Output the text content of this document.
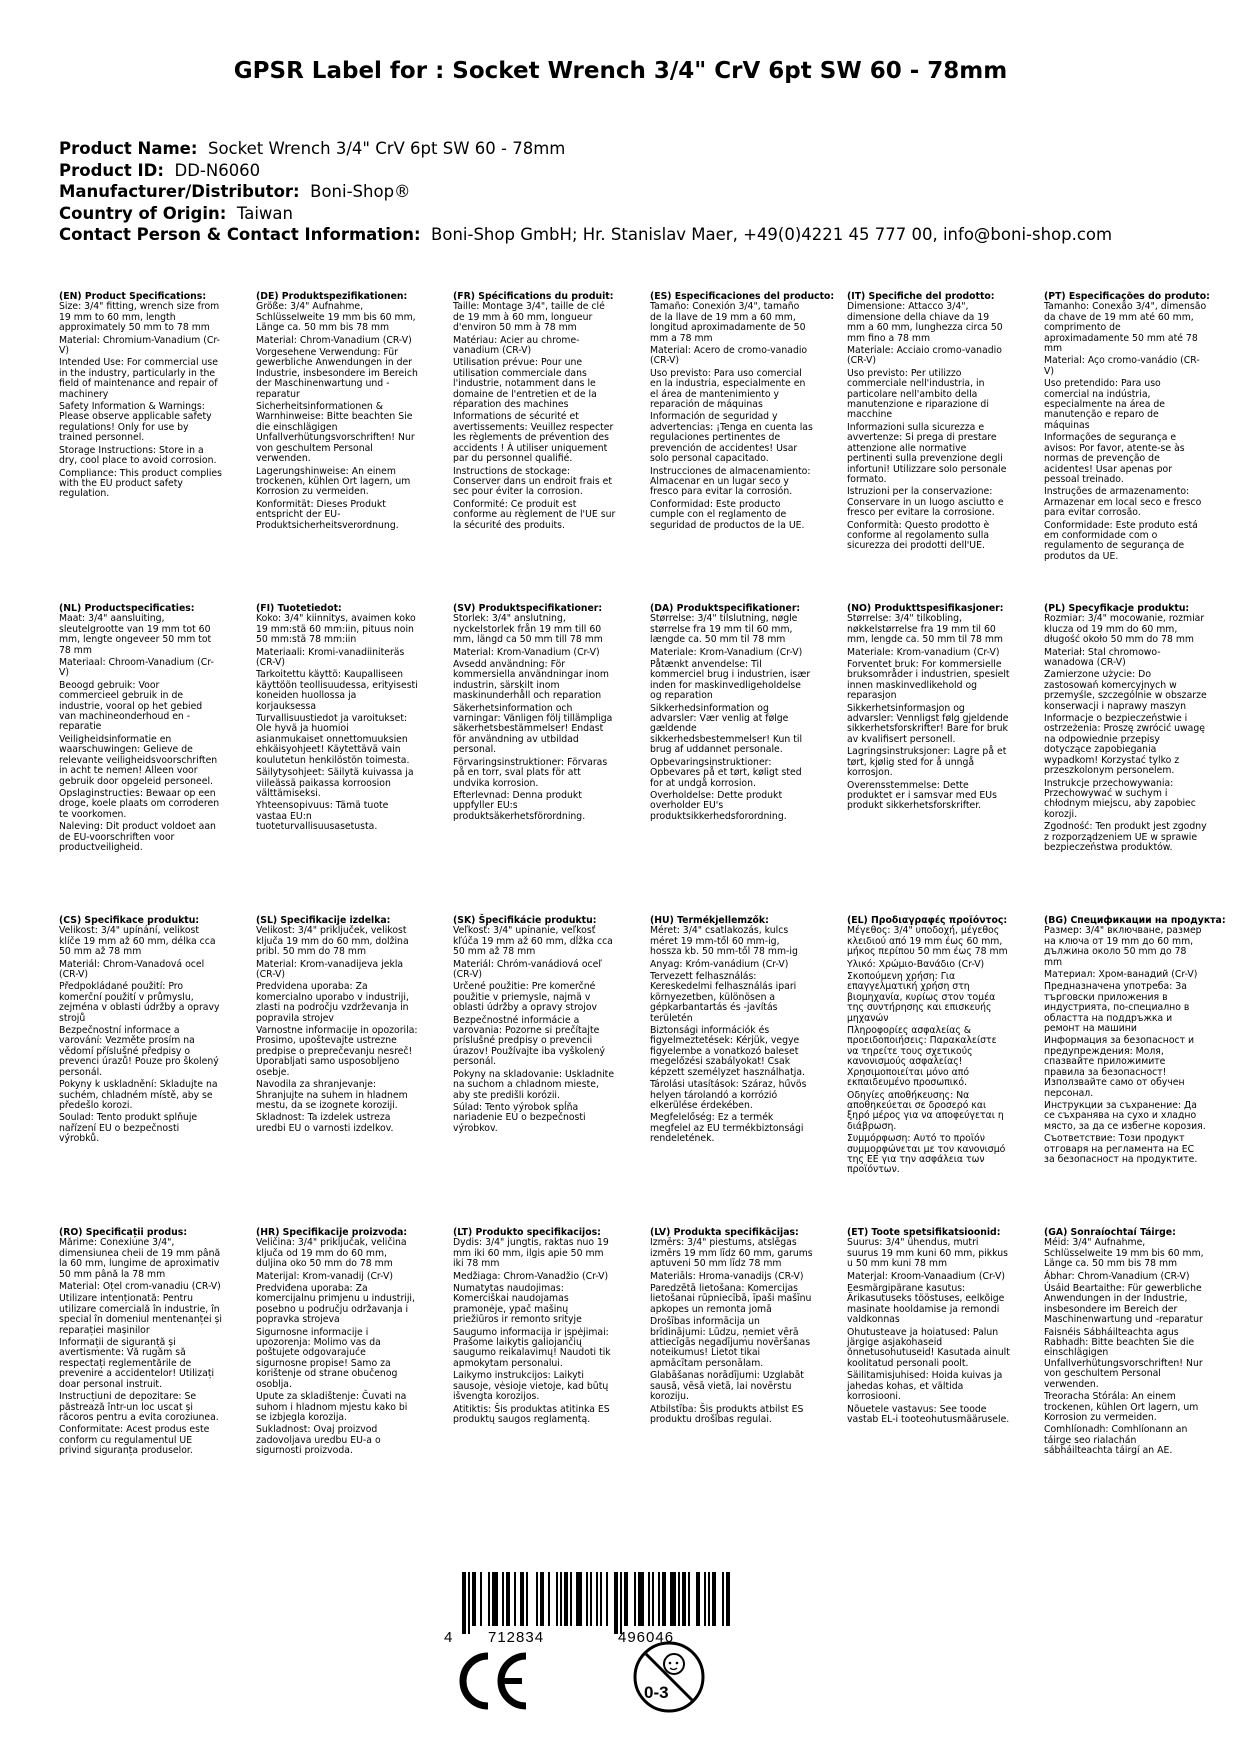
GPSR Label for : Socket Wrench 3/4" CrV 6pt SW 60 - 78mm
Product Name: Socket Wrench 3/4" CrV 6pt SW 60 - 78mm
Product ID: DD-N6060
Manufacturer/Distributor: Boni-Shop®
Country of Origin: Taiwan
Contact Person & Contact Information: Boni-Shop GmbH; Hr. Stanislav Maer, +49(0)4221 45 777 00, info@boni-shop.com
(EN) Product Specifications:
Size: 3/4" fitting, wrench size from 19 mm to 60 mm, length approximately 50 mm to 78 mm
Material: Chromium-Vanadium (Cr-V)
Intended Use: For commercial use in the industry, particularly in the field of maintenance and repair of machinery
Safety Information & Warnings: Please observe applicable safety regulations! Only for use by trained personnel.
Storage Instructions: Store in a dry, cool place to avoid corrosion.
Compliance: This product complies with the EU product safety regulation.
(DE) Produktspezifikationen:
Größe: 3/4" Aufnahme, Schlüsselweite 19 mm bis 60 mm, Länge ca. 50 mm bis 78 mm
Material: Chrom-Vanadium (CR-V)
Vorgesehene Verwendung: Für gewerbliche Anwendungen in der Industrie, insbesondere im Bereich der Maschinenwartung und -reparatur
Sicherheitsinformationen & Warnhinweise: Bitte beachten Sie die einschlägigen Unfallverhütungsvorschriften! Nur von geschultem Personal verwenden.
Lagerungshinweise: An einem trockenen, kühlen Ort lagern, um Korrosion zu vermeiden.
Konformität: Dieses Produkt entspricht der EU-Produktsicherheitsverordnung.
(FR) Spécifications du produit:
Taille: Montage 3/4", taille de clé de 19 mm à 60 mm, longueur d'environ 50 mm à 78 mm
Matériau: Acier au chrome-vanadium (CR-V)
Utilisation prévue: Pour une utilisation commerciale dans l'industrie, notamment dans le domaine de l'entretien et de la réparation des machines
Informations de sécurité et avertissements: Veuillez respecter les règlements de prévention des accidents ! À utiliser uniquement par du personnel qualifié.
Instructions de stockage: Conserver dans un endroit frais et sec pour éviter la corrosion.
Conformité: Ce produit est conforme au règlement de l'UE sur la sécurité des produits.
(ES) Especificaciones del producto:
Tamaño: Conexión 3/4", tamaño de la llave de 19 mm a 60 mm, longitud aproximadamente de 50 mm a 78 mm
Material: Acero de cromo-vanadio (CR-V)
Uso previsto: Para uso comercial en la industria, especialmente en el área de mantenimiento y reparación de máquinas
Información de seguridad y advertencias: ¡Tenga en cuenta las regulaciones pertinentes de prevención de accidentes! Usar solo personal capacitado.
Instrucciones de almacenamiento: Almacenar en un lugar seco y fresco para evitar la corrosión.
Conformidad: Este producto cumple con el reglamento de seguridad de productos de la UE.
(IT) Specifiche del prodotto:
Dimensione: Attacco 3/4", dimensione della chiave da 19 mm a 60 mm, lunghezza circa 50 mm fino a 78 mm
Materiale: Acciaio cromo-vanadio (CR-V)
Uso previsto: Per utilizzo commerciale nell'industria, in particolare nell'ambito della manutenzione e riparazione di macchine
Informazioni sulla sicurezza e avvertenze: Si prega di prestare attenzione alle normative pertinenti sulla prevenzione degli infortuni! Utilizzare solo personale formato.
Istruzioni per la conservazione: Conservare in un luogo asciutto e fresco per evitare la corrosione.
Conformità: Questo prodotto è conforme al regolamento sulla sicurezza dei prodotti dell'UE.
(PT) Especificações do produto:
Tamanho: Conexão 3/4", dimensão da chave de 19 mm até 60 mm, comprimento de aproximadamente 50 mm até 78 mm
Material: Aço cromo-vanádio (CR-V)
Uso pretendido: Para uso comercial na indústria, especialmente na área de manutenção e reparo de máquinas
Informações de segurança e avisos: Por favor, atente-se às normas de prevenção de acidentes! Usar apenas por pessoal treinado.
Instruções de armazenamento: Armazenar em local seco e fresco para evitar corrosão.
Conformidade: Este produto está em conformidade com o regulamento de segurança de produtos da UE.
(NL) Productspecificaties:
Maat: 3/4" aansluiting, sleutelgrootte van 19 mm tot 60 mm, lengte ongeveer 50 mm tot 78 mm
Materiaal: Chroom-Vanadium (Cr-V)
Beoogd gebruik: Voor commercieel gebruik in de industrie, vooral op het gebied van machineonderhoud en -reparatie
Veiligheidsinformatie en waarschuwingen: Gelieve de relevante veiligheidsvoorschriften in acht te nemen! Alleen voor gebruik door opgeleid personeel.
Opslaginstructies: Bewaar op een droge, koele plaats om corroderen te voorkomen.
Naleving: Dit product voldoet aan de EU-voorschriften voor productveiligheid.
(FI) Tuotetiedot:
Koko: 3/4" kiinnitys, avaimen koko 19 mm:stä 60 mm:iin, pituus noin 50 mm:stä 78 mm:iin
Materiaali: Kromi-vanadiiniteräs (CR-V)
Tarkoitettu käyttö: Kaupalliseen käyttöön teollisuudessa, erityisesti koneiden huollossa ja korjauksessa
Turvallisuustiedot ja varoitukset: Ole hyvä ja huomioi asianmukaiset onnettomuuksien ehkäisyohjeet! Käytettävä vain koulutetun henkilöstön toimesta.
Säilytysohjeet: Säilytä kuivassa ja viileässä paikassa korroosion välttämiseksi.
Yhteensopivuus: Tämä tuote vastaa EU:n tuoteturvallisuusasetusta.
(SV) Produktspecifikationer:
Storlek: 3/4" anslutning, nyckelstorlek från 19 mm till 60 mm, längd ca 50 mm till 78 mm
Material: Krom-Vanadium (Cr-V)
Avsedd användning: För kommersiella användningar inom industrin, särskilt inom maskinunderhåll och reparation
Säkerhetsinformation och varningar: Vänligen följ tillämpliga säkerhetsbestämmelser! Endast för användning av utbildad personal.
Förvaringsinstruktioner: Förvaras på en torr, sval plats för att undvika korrosion.
Efterlevnad: Denna produkt uppfyller EU:s produktsäkerhetsförordning.
(DA) Produktspecifikationer:
Størrelse: 3/4" tilslutning, nøgle størrelse fra 19 mm til 60 mm, længde ca. 50 mm til 78 mm
Materiale: Krom-Vanadium (Cr-V)
Påtænkt anvendelse: Til kommerciel brug i industrien, især inden for maskinvedligeholdelse og reparation
Sikkerhedsinformation og advarsler: Vær venlig at følge gældende sikkerhedsbestemmelser! Kun til brug af uddannet personale.
Opbevaringsinstruktioner: Opbevares på et tørt, køligt sted for at undgå korrosion.
Overholdelse: Dette produkt overholder EU's produktsikkerhedsforordning.
(NO) Produkttspesifikasjoner:
Størrelse: 3/4" tilkobling, nøkkelstørrelse fra 19 mm til 60 mm, lengde ca. 50 mm til 78 mm
Materiale: Krom-vanadium (Cr-V)
Forventet bruk: For kommersielle bruksområder i industrien, spesielt innen maskinvedlikehold og reparasjon
Sikkerhetsinformasjon og advarsler: Vennligst følg gjeldende sikkerhetsforskrifter! Bare for bruk av kvalifisert personell.
Lagringsinstruksjoner: Lagre på et tørt, kjølig sted for å unngå korrosjon.
Overensstemmelse: Dette produktet er i samsvar med EUs produkt sikkerhetsforskrifter.
(PL) Specyfikacje produktu:
Rozmiar: 3/4" mocowanie, rozmiar klucza od 19 mm do 60 mm, długość około 50 mm do 78 mm
Materiał: Stal chromowo-wanadowa (CR-V)
Zamierzone użycie: Do zastosowań komercyjnych w przemyśle, szczególnie w obszarze konserwacji i naprawy maszyn
Informacje o bezpieczeństwie i ostrzeżenia: Proszę zwrócić uwagę na odpowiednie przepisy dotyczące zapobiegania wypadkom! Korzystać tylko z przeszkolonym personelem.
Instrukcje przechowywania: Przechowywać w suchym i chłodnym miejscu, aby zapobiec korozji.
Zgodność: Ten produkt jest zgodny z rozporządzeniem UE w sprawie bezpieczeństwa produktów.
(CS) Specifikace produktu:
Velikost: 3/4" upínání, velikost klíče 19 mm až 60 mm, délka cca 50 mm až 78 mm
Materiál: Chrom-Vanadová ocel (CR-V)
Předpokládané použití: Pro komerční použití v průmyslu, zejména v oblasti údržby a opravy strojů
Bezpečnostní informace a varování: Vezměte prosím na vědomí příslušné předpisy o prevenci úrazů! Pouze pro školený personál.
Pokyny k uskladnění: Skladujte na suchém, chladném místě, aby se předešlo korozi.
Soulad: Tento produkt splňuje nařízení EU o bezpečnosti výrobků.
(SL) Specifikacije izdelka:
Velikost: 3/4" priključek, velikost ključa 19 mm do 60 mm, dolžina pribl. 50 mm do 78 mm
Material: Krom-vanadijeva jekla (CR-V)
Predvidena uporaba: Za komercialno uporabo v industriji, zlasti na področju vzdrževanja in popravila strojev
Varnostne informacije in opozorila: Prosimo, upoštevajte ustrezne predpise o preprečevanju nesreč! Uporabljati samo usposobljeno osebje.
Navodila za shranjevanje: Shranjujte na suhem in hladnem mestu, da se izognete koroziji.
Skladnost: Ta izdelek ustreza uredbi EU o varnosti izdelkov.
(SK) Špecifikácie produktu:
Veľkosť: 3/4" upínanie, veľkosť kľúča 19 mm až 60 mm, dĺžka cca 50 mm až 78 mm
Materiál: Chróm-vanádiová oceľ (CR-V)
Určené použitie: Pre komerčné použitie v priemysle, najmä v oblasti údržby a opravy strojov
Bezpečnostné informácie a varovania: Pozorne si prečítajte príslušné predpisy o prevencii úrazov! Používajte iba vyškolený personál.
Pokyny na skladovanie: Uskladnite na suchom a chladnom mieste, aby ste predišli korózii.
Súlad: Tento výrobok spĺňa nariadenie EÚ o bezpečnosti výrobkov.
(HU) Termékjellemzők:
Méret: 3/4" csatlakozás, kulcs méret 19 mm-től 60 mm-ig, hossza kb. 50 mm-től 78 mm-ig
Anyag: Króm-vanádium (Cr-V)
Tervezett felhasználás: Kereskedelmi felhasználás ipari környezetben, különösen a gépkarbantartás és -javítás területén
Biztonsági információk és figyelmeztetések: Kérjük, vegye figyelembe a vonatkozó baleset megelőzési szabályokat! Csak képzett személyzet használhatja.
Tárolási utasítások: Száraz, hűvös helyen tárolandó a korrózió elkerülése érdekében.
Megfelelőség: Ez a termék megfelel az EU termékbiztonsági rendeletének.
(EL) Προδιαγραφές προϊόντος:
Μέγεθος: 3/4" υποδοχή, μέγεθος κλειδιού από 19 mm έως 60 mm, μήκος περίπου 50 mm έως 78 mm
Υλικό: Χρώμιο-Βανάδιο (Cr-V)
Σκοπούμενη χρήση: Για επαγγελματική χρήση στη βιομηχανία, κυρίως στον τομέα της συντήρησης και επισκευής μηχανών
Πληροφορίες ασφαλείας & προειδοποιήσεις: Παρακαλείστε να τηρείτε τους σχετικούς κανονισμούς ασφαλείας! Χρησιμοποιείται μόνο από εκπαιδευμένο προσωπικό.
Οδηγίες αποθήκευσης: Να αποθηκεύεται σε δροσερό και ξηρό μέρος για να αποφεύγεται η διάβρωση.
Συμμόρφωση: Αυτό το προϊόν συμμορφώνεται με τον κανονισμό της ΕΕ για την ασφάλεια των προϊόντων.
(BG) Спецификации на продукта:
Размер: 3/4" включване, размер на ключа от 19 mm до 60 mm, дължина около 50 mm до 78 mm
Материал: Хром-ванадий (Cr-V)
Предназначена употреба: За търговски приложения в индустрията, по-специално в областта на поддръжка и ремонт на машини
Информация за безопасност и предупреждения: Моля, спазвайте приложимите правила за безопасност! Използвайте само от обучен персонал.
Инструкции за съхранение: Да се съхранява на сухо и хладно място, за да се избегне корозия.
Съответствие: Този продукт отговаря на регламента на ЕС за безопасност на продуктите.
(RO) Specificații produs:
Mărime: Conexiune 3/4", dimensiunea cheii de 19 mm până la 60 mm, lungime de aproximativ 50 mm până la 78 mm
Material: Oțel crom-vanadiu (CR-V)
Utilizare intenționată: Pentru utilizare comercială în industrie, în special în domeniul mentenanței și reparației mașinilor
Informații de siguranță și avertismente: Vă rugăm să respectați reglementările de prevenire a accidentelor! Utilizați doar personal instruit.
Instrucțiuni de depozitare: Se păstrează într-un loc uscat și răcoros pentru a evita coroziunea.
Conformitate: Acest produs este conform cu regulamentul UE privind siguranța produselor.
(HR) Specifikacije proizvoda:
Veličina: 3/4" priključak, veličina ključa od 19 mm do 60 mm, duljina oko 50 mm do 78 mm
Materijal: Krom-vanadij (Cr-V)
Predviđena uporaba: Za komercijalnu primjenu u industriji, posebno u području održavanja i popravka strojeva
Sigurnosne informacije i upozorenja: Molimo vas da poštujete odgovarajuće sigurnosne propise! Samo za korištenje od strane obučenog osoblja.
Upute za skladištenje: Čuvati na suhom i hladnom mjestu kako bi se izbjegla korozija.
Sukladnost: Ovaj proizvod zadovoljava uredbu EU-a o sigurnosti proizvoda.
(LT) Produkto specifikacijos:
Dydis: 3/4" jungtis, raktas nuo 19 mm iki 60 mm, ilgis apie 50 mm iki 78 mm
Medžiaga: Chrom-Vanadžio (Cr-V)
Numatytas naudojimas: Komerciškai naudojamas pramonėje, ypač mašinų priežiūros ir remonto srityje
Saugumo informacija ir įspėjimai: Prašome laikytis galiojančių saugumo reikalavimų! Naudoti tik apmokytam personalui.
Laikymo instrukcijos: Laikyti sausoje, vėsioje vietoje, kad būtų išvengta korozijos.
Atitiktis: Šis produktas atitinka ES produktų saugos reglamentą.
(LV) Produkta specifikācijas:
Izmērs: 3/4" piestums, atslēgas izmērs 19 mm līdz 60 mm, garums aptuveni 50 mm līdz 78 mm
Materiāls: Hroma-vanadijs (CR-V)
Paredzētā lietošana: Komercijas lietošanai rūpniecībā, īpaši mašīnu apkopes un remonta jomā
Drošības informācija un brīdinājumi: Lūdzu, ņemiet vērā attiecīgās negadījumu novēršanas noteikumus! Lietot tikai apmācītam personālam.
Glabāšanas norādījumi: Uzglabāt sausā, vēsā vietā, lai novērstu koroziju.
Atbilstība: Šis produkts atbilst ES produktu drošības regulai.
(ET) Toote spetsifikatsioonid:
Suurus: 3/4" ühendus, mutri suurus 19 mm kuni 60 mm, pikkus u 50 mm kuni 78 mm
Materjal: Kroom-Vanaadium (Cr-V)
Eesmärgipärane kasutus: Ärikasutuseks tööstuses, eelkõige masinate hooldamise ja remondi valdkonnas
Ohutusteave ja hoiatused: Palun järgige asjakohaseid õnnetusohutuseid! Kasutada ainult koolitatud personali poolt.
Säilitamisjuhised: Hoida kuivas ja jahedas kohas, et vältida korrosiooni.
Nõuetele vastavus: See toode vastab EL-i tooteohutusmäärusele.
(GA) Sonraíochtaí Táirge:
Méid: 3/4" Aufnahme, Schlüsselweite 19 mm bis 60 mm, Länge ca. 50 mm bis 78 mm
Ábhar: Chrom-Vanadium (CR-V)
Úsáid Beartaithe: Für gewerbliche Anwendungen in der Industrie, insbesondere im Bereich der Maschinenwartung und -reparatur
Faisnéis Sábháilteachta agus Rabhadh: Bitte beachten Sie die einschlägigen Unfallverhütungsvorschriften! Nur von geschultem Personal verwenden.
Treoracha Stórála: An einem trockenen, kühlen Ort lagern, um Korrosion zu vermeiden.
Comhlíonadh: Comhlíonann an táirge seo rialachán sábháilteachta táirgí an AE.
4 712834	496046
CE
0-3
